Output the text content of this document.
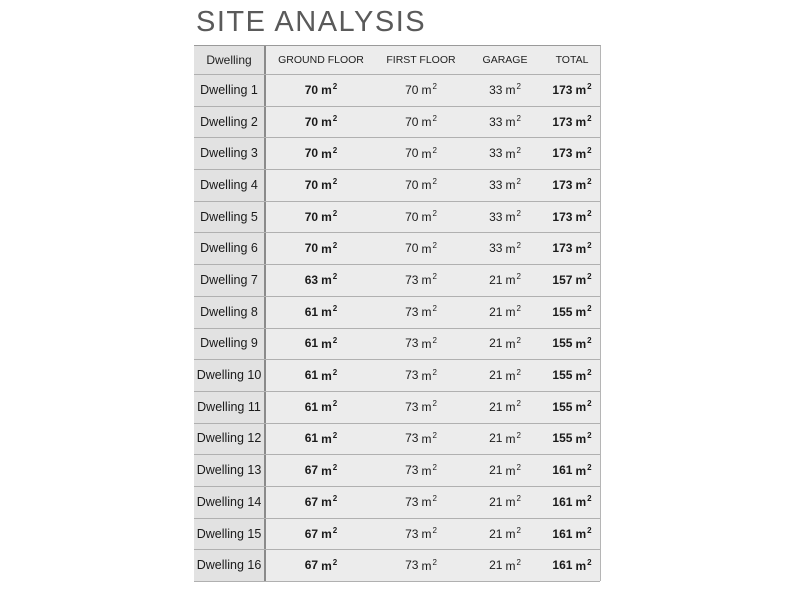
SITE ANALYSIS
Dwelling	GROUND FLOOR	FIRST FLOOR	GARAGE	TOTAL
Dwelling 1	70 $m^2$	70 $m^2$	33 $m^2$	173 $m^2$
Dwelling 2	70 $m^2$	70 $m^2$	33 $m^2$	173 $m^2$
Dwelling 3	70 $m^2$	70 $m^2$	33 $m^2$	173 $m^2$
Dwelling 4	70 $m^2$	70 $m^2$	33 $m^2$	173 $m^2$
Dwelling 5	70 $m^2$	70 $m^2$	33 $m^2$	173 $m^2$
Dwelling 6	70 $m^2$	70 $m^2$	33 $m^2$	173 $m^2$
Dwelling 7	63 $m^2$	73 $m^2$	21 $m^2$	157 $m^2$
Dwelling 8	61 $m^2$	73 $m^2$	21 $m^2$	155 $m^2$
Dwelling 9	61 $m^2$	73 $m^2$	21 $m^2$	155 $m^2$
Dwelling 10	61 $m^2$	73 $m^2$	21 $m^2$	155 $m^2$
Dwelling 11	61 $m^2$	73 $m^2$	21 $m^2$	155 $m^2$
Dwelling 12	61 $m^2$	73 $m^2$	21 $m^2$	155 $m^2$
Dwelling 13	67 $m^2$	73 $m^2$	21 $m^2$	161 $m^2$
Dwelling 14	67 $m^2$	73 $m^2$	21 $m^2$	161 $m^2$
Dwelling 15	67 $m^2$	73 $m^2$	21 $m^2$	161 $m^2$
Dwelling 16	67 $m^2$	73 $m^2$	21 $m^2$	161 $m^2$
